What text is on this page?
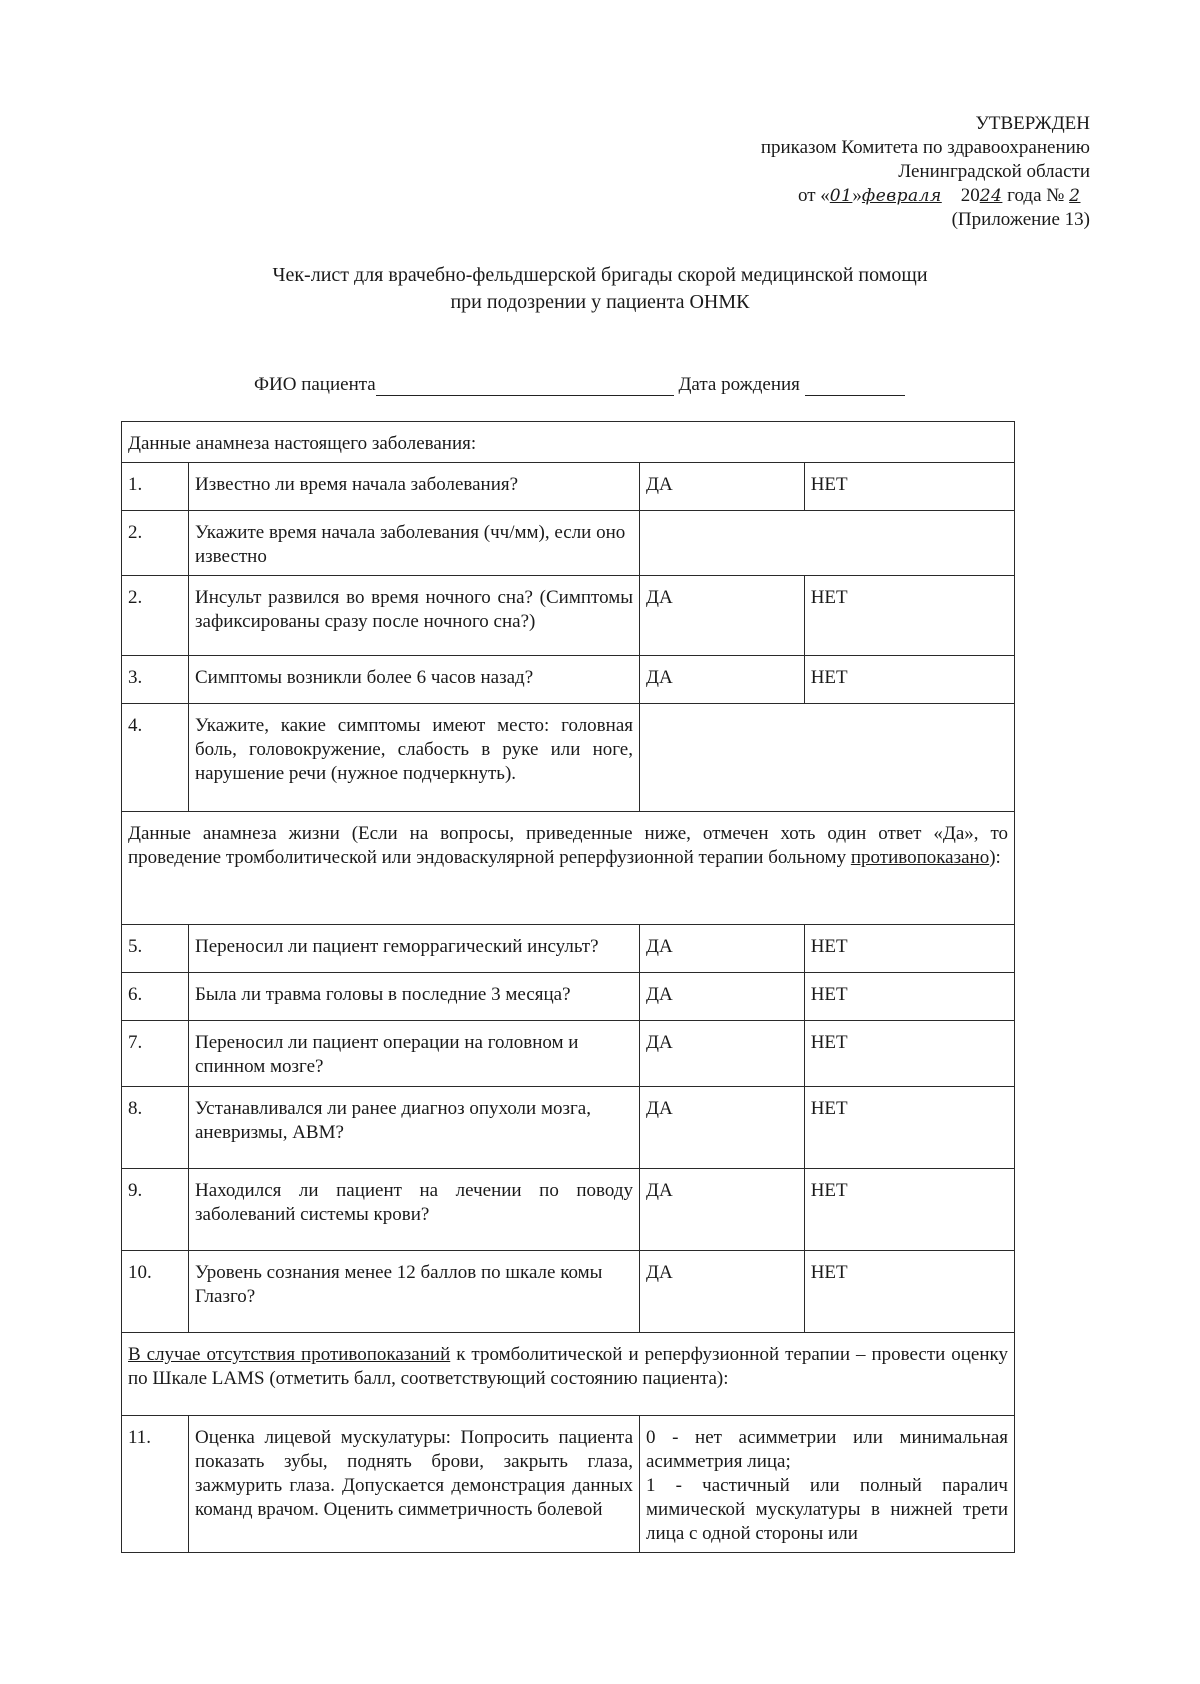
УТВЕРЖДЕН
приказом Комитета по здравоохранению
Ленинградской области
от «01»февраля 2024 года № 2
(Приложение 13)
Чек-лист для врачебно-фельдшерской бригады скорой медицинской помощи
при подозрении у пациента ОНМК
ФИО пациента	Дата рождения
Данные анамнеза настоящего заболевания:			
1.	Известно ли время начала заболевания?	ДА	НЕТ
2.	Укажите время начала заболевания (чч/мм), если оно известно		
2.	Инсульт развился во время ночного сна? (Симптомы зафиксированы сразу после ночного сна?)	ДА	НЕТ
3.	Симптомы возникли более 6 часов назад?	ДА	НЕТ
4.	Укажите, какие симптомы имеют место: головная боль, головокружение, слабость в руке или ноге, нарушение речи (нужное подчеркнуть).		
Данные анамнеза жизни (Если на вопросы, приведенные ниже, отмечен хоть один ответ «Да», то проведение тромболитической или эндоваскулярной реперфузионной терапии больному противопоказано):			
5.	Переносил ли пациент геморрагический инсульт?	ДА	НЕТ
6.	Была ли травма головы в последние 3 месяца?	ДА	НЕТ
7.	Переносил ли пациент операции на головном и спинном мозге?	ДА	НЕТ
8.	Устанавливался ли ранее диагноз опухоли мозга, аневризмы, АВМ?	ДА	НЕТ
9.	Находился ли пациент на лечении по поводу заболеваний системы крови?	ДА	НЕТ
10.	Уровень сознания менее 12 баллов по шкале комы Глазго?	ДА	НЕТ
В случае отсутствия противопоказаний к тромболитической и реперфузионной терапии – провести оценку по Шкале LAMS (отметить балл, соответствующий состоянию пациента):			
11.	Оценка лицевой мускулатуры: Попросить пациента показать зубы, поднять брови, закрыть глаза, зажмурить глаза. Допускается демонстрация данных команд врачом. Оценить симметричность болевой	0 - нет асимметрии или минимальная асимметрия лица;
1 - частичный или полный паралич мимической мускулатуры в нижней трети лица с одной стороны или	
